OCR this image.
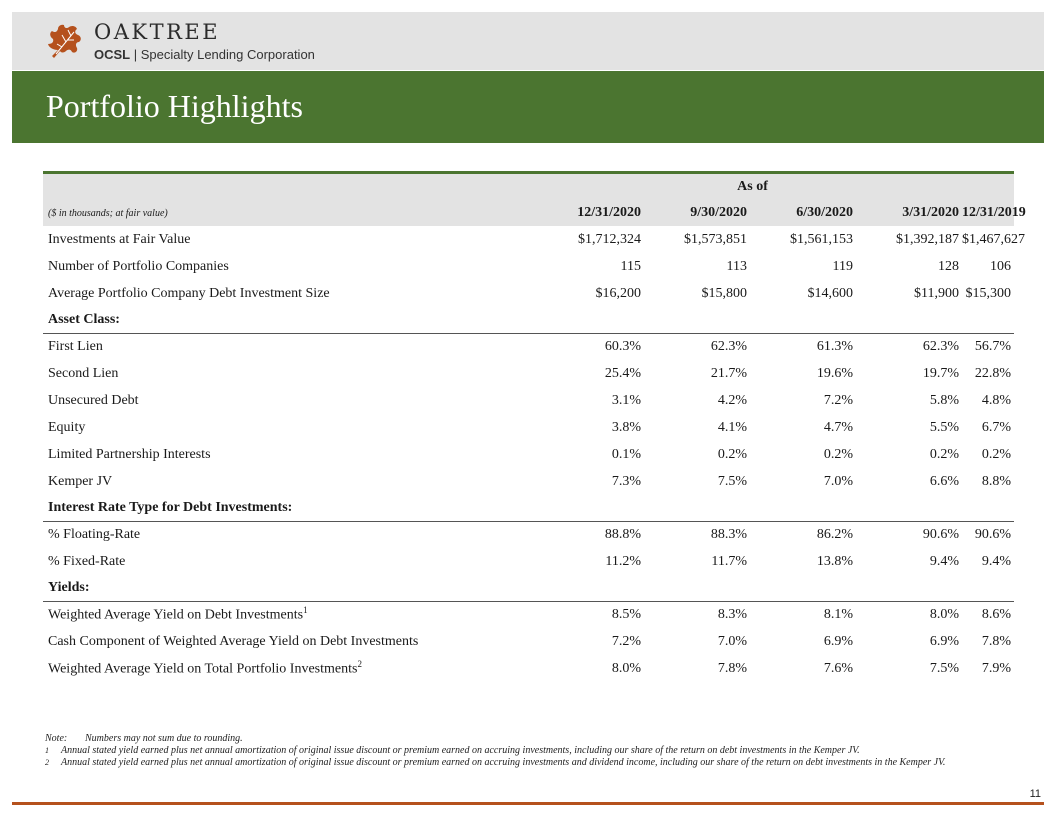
OAKTREE
OCSL | Specialty Lending Corporation
Portfolio Highlights
	As of				
($ in thousands; at fair value)	12/31/2020	9/30/2020	6/30/2020	3/31/2020	12/31/2019
Investments at Fair Value	$1,712,324	$1,573,851	$1,561,153	$1,392,187	$1,467,627
Number of Portfolio Companies	115	113	119	128	106
Average Portfolio Company Debt Investment Size	$16,200	$15,800	$14,600	$11,900	$15,300
Asset Class:					
First Lien	60.3%	62.3%	61.3%	62.3%	56.7%
Second Lien	25.4%	21.7%	19.6%	19.7%	22.8%
Unsecured Debt	3.1%	4.2%	7.2%	5.8%	4.8%
Equity	3.8%	4.1%	4.7%	5.5%	6.7%
Limited Partnership Interests	0.1%	0.2%	0.2%	0.2%	0.2%
Kemper JV	7.3%	7.5%	7.0%	6.6%	8.8%
Interest Rate Type for Debt Investments:					
% Floating-Rate	88.8%	88.3%	86.2%	90.6%	90.6%
% Fixed-Rate	11.2%	11.7%	13.8%	9.4%	9.4%
Yields:					
Weighted Average Yield on Debt Investments$^1$	8.5%	8.3%	8.1%	8.0%	8.6%
Cash Component of Weighted Average Yield on Debt Investments	7.2%	7.0%	6.9%	6.9%	7.8%
Weighted Average Yield on Total Portfolio Investments$^2$	8.0%	7.8%	7.6%	7.5%	7.9%
Note:	Numbers may not sum due to rounding.
1	Annual stated yield earned plus net annual amortization of original issue discount or premium earned on accruing investments, including our share of the return on debt investments in the Kemper JV.
2	Annual stated yield earned plus net annual amortization of original issue discount or premium earned on accruing investments and dividend income, including our share of the return on debt investments in the Kemper JV.
11
